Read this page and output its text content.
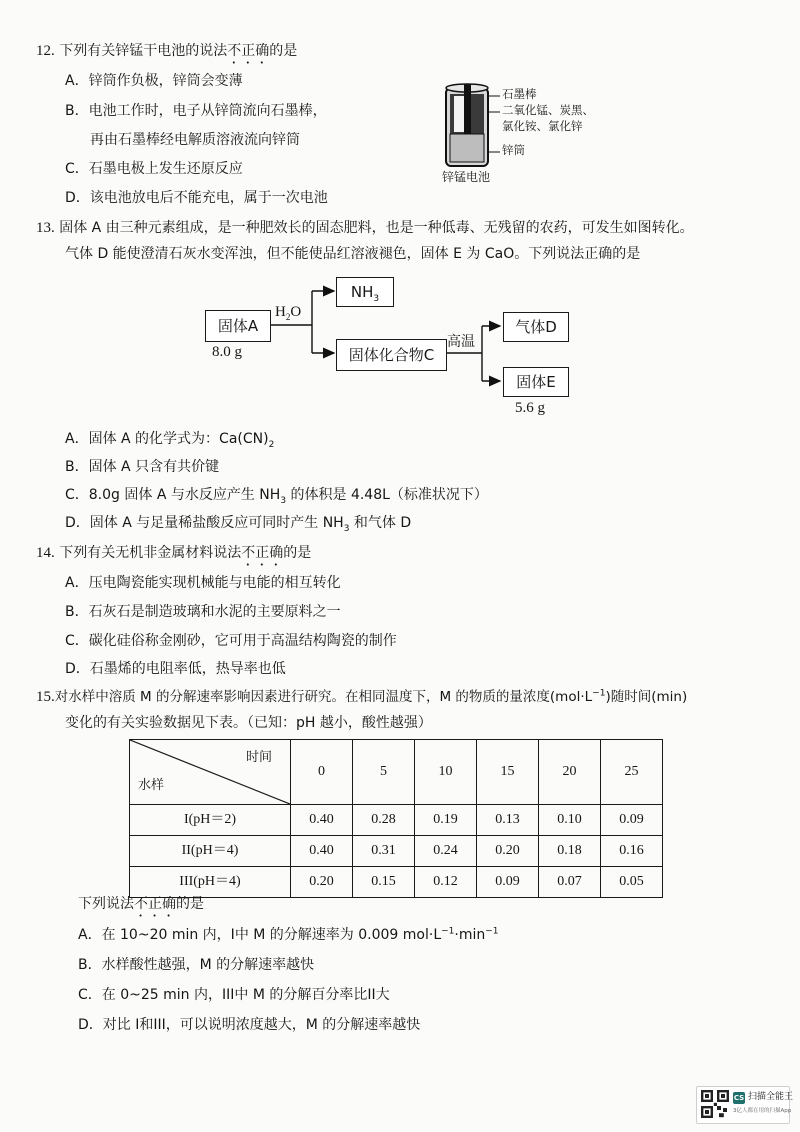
12. 下列有关锌锰干电池的说法不正确的是
A．锌筒作负极，锌筒会变薄
B．电池工作时，电子从锌筒流向石墨棒，
再由石墨棒经电解质溶液流向锌筒
C．石墨电极上发生还原反应
D．该电池放电后不能充电，属于一次电池
石墨棒
二氧化锰、炭黑、
氯化铵、氯化锌
锌筒
锌锰电池
13. 固体 A 由三种元素组成，是一种肥效长的固态肥料，也是一种低毒、无残留的农药，可发生如图转化。
气体 D 能使澄清石灰水变浑浊，但不能使品红溶液褪色，固体 E 为 CaO。下列说法正确的是
固体A
8.0 g
$H_2O$
$NH_3$
固体化合物C
高温
气体D
固体E
5.6 g
A．固体 A 的化学式为：$Ca(CN)_2$
B．固体 A 只含有共价键
C．8.0g 固体 A 与水反应产生 $NH_3$ 的体积是 4.48L（标准状况下）
D．固体 A 与足量稀盐酸反应可同时产生 $NH_3$ 和气体 D
14. 下列有关无机非金属材料说法不正确的是
A．压电陶瓷能实现机械能与电能的相互转化
B．石灰石是制造玻璃和水泥的主要原料之一
C．碳化硅俗称金刚砂，它可用于高温结构陶瓷的制作
D．石墨烯的电阻率低，热导率也低
15.对水样中溶质 M 的分解速率影响因素进行研究。在相同温度下，M 的物质的量浓度$(mol\cdot L^{-1})$随时间(min)
变化的有关实验数据见下表。（已知：pH 越小，酸性越强）
时间
水样	0	5	10	15	20	25
I(pH＝2)	0.40	0.28	0.19	0.13	0.10	0.09
II(pH＝4)	0.40	0.31	0.24	0.20	0.18	0.16
III(pH＝4)	0.20	0.15	0.12	0.09	0.07	0.05
下列说法不正确的是
A．在 10~20 min 内，I中 M 的分解速率为 0.009 $mol\cdot L^{-1}\cdot\min^{-1}$
B．水样酸性越强，M 的分解速率越快
C．在 0~25 min 内，III中 M 的分解百分率比II大
D．对比 I和III，可以说明浓度越大，M 的分解速率越快
CS 扫描全能王
3亿人都在用的扫描App
